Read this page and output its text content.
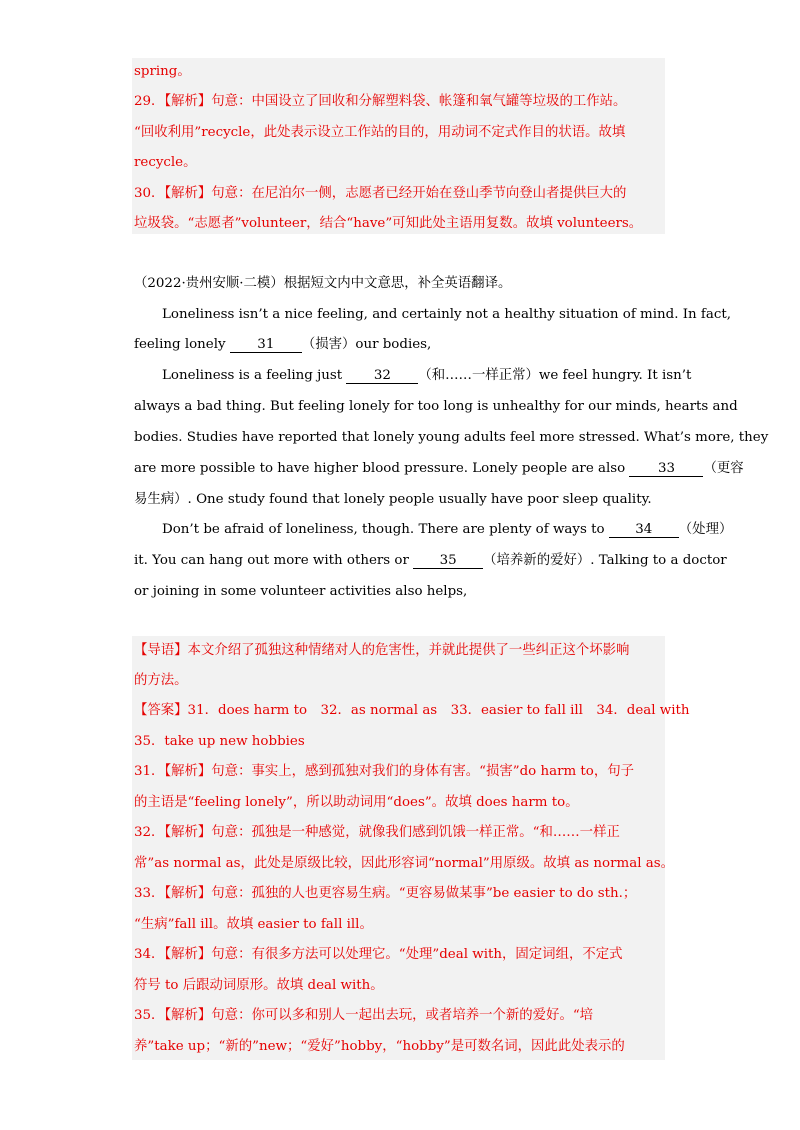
spring。
29．【解析】句意：中国设立了回收和分解塑料袋、帐篷和氧气罐等垃圾的工作站。
“回收利用”recycle，此处表示设立工作站的目的，用动词不定式作目的状语。故填
recycle。
30．【解析】句意：在尼泊尔一侧，志愿者已经开始在登山季节向登山者提供巨大的
垃圾袋。“志愿者”volunteer，结合“have”可知此处主语用复数。故填 volunteers。
（2022·贵州安顺·二模）根据短文内中文意思，补全英语翻译。
Loneliness isn’t a nice feeling, and certainly not a healthy situation of mind. In fact,
feeling lonely 31 （损害）our bodies,
Loneliness is a feeling just 32 （和……一样正常）we feel hungry. It isn’t
always a bad thing. But feeling lonely for too long is unhealthy for our minds, hearts and
bodies. Studies have reported that lonely young adults feel more stressed. What’s more, they
are more possible to have higher blood pressure. Lonely people are also 33 （更容
易生病）. One study found that lonely people usually have poor sleep quality.
Don’t be afraid of loneliness, though. There are plenty of ways to 34 （处理）
it. You can hang out more with others or 35 （培养新的爱好）. Talking to a doctor
or joining in some volunteer activities also helps,
【导语】本文介绍了孤独这种情绪对人的危害性，并就此提供了一些纠正这个坏影响
的方法。
【答案】31．does harm to　32．as normal as　33．easier to fall ill　34．deal with
35．take up new hobbies
31．【解析】句意：事实上，感到孤独对我们的身体有害。“损害”do harm to，句子
的主语是“feeling lonely”，所以助动词用“does”。故填 does harm to。
32．【解析】句意：孤独是一种感觉，就像我们感到饥饿一样正常。“和……一样正
常”as normal as，此处是原级比较，因此形容词“normal”用原级。故填 as normal as。
33．【解析】句意：孤独的人也更容易生病。“更容易做某事”be easier to do sth.；
“生病”fall ill。故填 easier to fall ill。
34．【解析】句意：有很多方法可以处理它。“处理”deal with，固定词组，不定式
符号 to 后跟动词原形。故填 deal with。
35．【解析】句意：你可以多和别人一起出去玩，或者培养一个新的爱好。“培
养”take up；“新的”new；“爱好”hobby，“hobby”是可数名词，因此此处表示的
